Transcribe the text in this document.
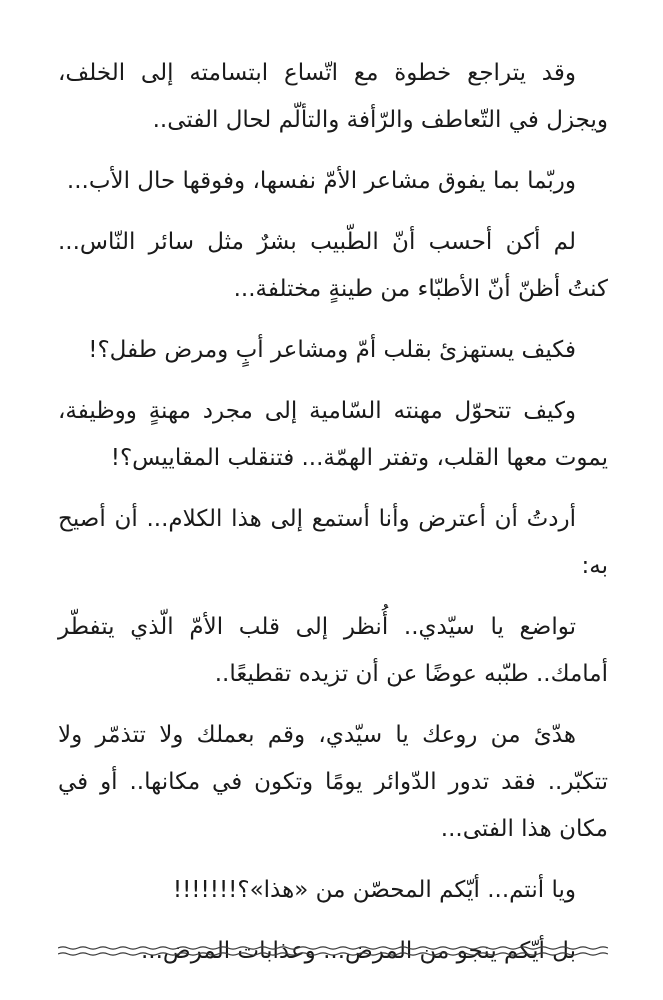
وقد يتراجع خطوة مع اتّساع ابتسامته إلى الخلف، ويجزل في التّعاطف والرّأفة والتألّم لحال الفتى..

وربّما بما يفوق مشاعر الأمّ نفسها، وفوقها حال الأب...

لم أكن أحسب أنّ الطّبيب بشرٌ مثل سائر النّاس... كنتُ أظنّ أنّ الأطبّاء من طينةٍ مختلفة...

فكيف يستهزئ بقلب أمّ ومشاعر أبٍ ومرض طفل؟!

وكيف تتحوّل مهنته السّامية إلى مجرد مهنةٍ ووظيفة، يموت معها القلب، وتفتر الهمّة... فتنقلب المقاييس؟!

أردتُ أن أعترض وأنا أستمع إلى هذا الكلام... أن أصيح به:

تواضع يا سيّدي.. أُنظر إلى قلب الأمّ الّذي يتفطّر أمامك.. طبّبه عوضًا عن أن تزيده تقطيعًا..

هدّئ من روعك يا سيّدي، وقم بعملك ولا تتذمّر ولا تتكبّر.. فقد تدور الدّوائر يومًا وتكون في مكانها.. أو في مكان هذا الفتى...

ويا أنتم... أيّكم المحصّن من «هذا»؟!!!!!!!

بل أيّكم ينجو من المرض... وعذابات المرض...
